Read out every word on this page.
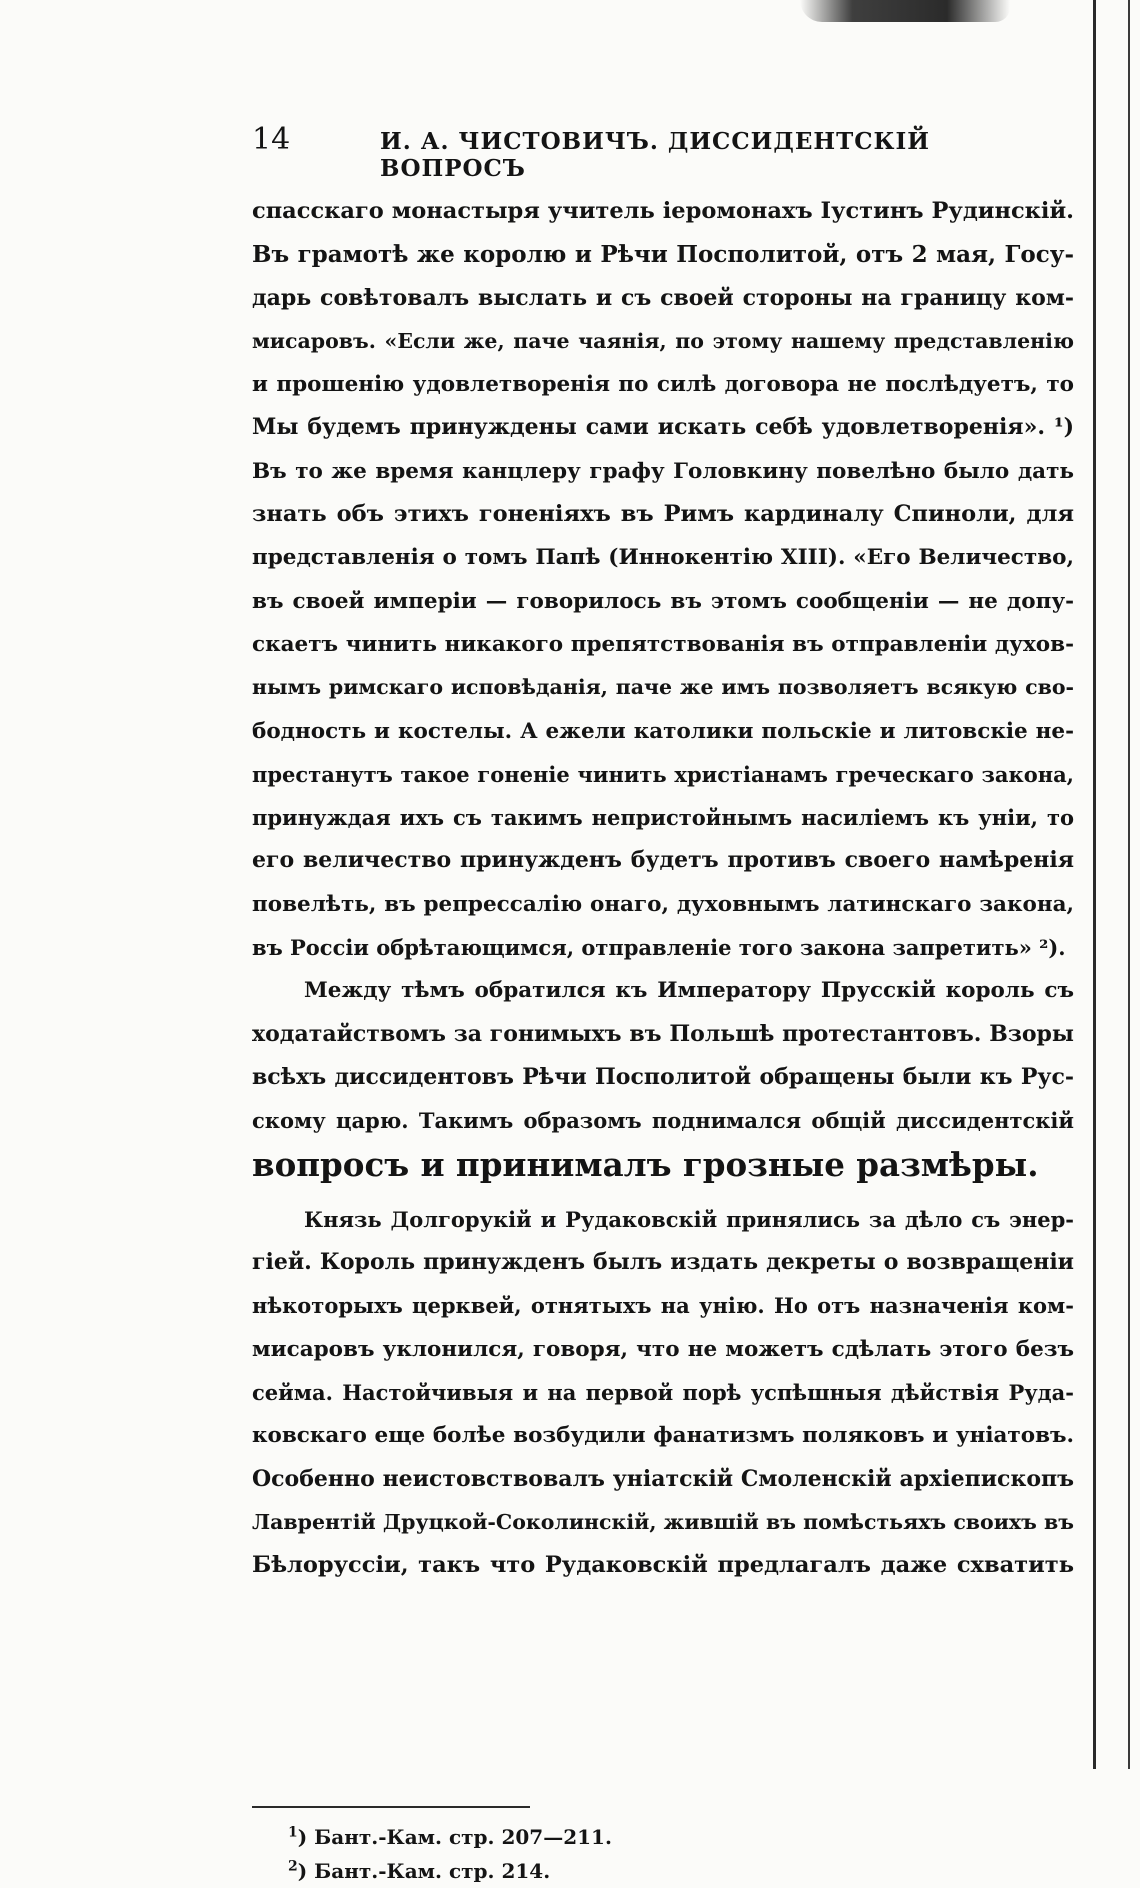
14	И. А. ЧИСТОВИЧЪ. ДИССИДЕНТСКІЙ ВОПРОСЪ
спасскаго монастыря учитель іеромонахъ Іустинъ Рудинскій.
Въ грамотѣ же королю и Рѣчи Посполитой, отъ 2 мая, Госу-
дарь совѣтовалъ выслать и съ своей стороны на границу ком-
мисаровъ. «Если же, паче чаянія, по этому нашему представленію
и прошенію удовлетворенія по силѣ договора не послѣдуетъ, то
Мы будемъ принуждены сами искать себѣ удовлетворенія». ¹)
Въ то же время канцлеру графу Головкину повелѣно было дать
знать объ этихъ гоненіяхъ въ Римъ кардиналу Спиноли, для
представленія о томъ Папѣ (Иннокентію XIII). «Его Величество,
въ своей имперіи — говорилось въ этомъ сообщеніи — не допу-
скаетъ чинить никакого препятствованія въ отправленіи духов-
нымъ римскаго исповѣданія, паче же имъ позволяетъ всякую сво-
бодность и костелы. А ежели католики польскіе и литовскіе не-
престанутъ такое гоненіе чинить христіанамъ греческаго закона,
принуждая ихъ съ такимъ непристойнымъ насиліемъ къ уніи, то
его величество принужденъ будетъ противъ своего намѣренія
повелѣть, въ репрессалію онаго, духовнымъ латинскаго закона,
въ Россіи обрѣтающимся, отправленіе того закона запретить» ²).
Между тѣмъ обратился къ Императору Прусскій король съ
ходатайствомъ за гонимыхъ въ Польшѣ протестантовъ. Взоры
всѣхъ диссидентовъ Рѣчи Посполитой обращены были къ Рус-
скому царю. Такимъ образомъ поднимался общій диссидентскій
вопросъ и принималъ грозные размѣры.
Князь Долгорукій и Рудаковскій принялись за дѣло съ энер-
гіей. Король принужденъ былъ издать декреты о возвращеніи
нѣкоторыхъ церквей, отнятыхъ на унію. Но отъ назначенія ком-
мисаровъ уклонился, говоря, что не можетъ сдѣлать этого безъ
сейма. Настойчивыя и на первой порѣ успѣшныя дѣйствія Руда-
ковскаго еще болѣе возбудили фанатизмъ поляковъ и уніатовъ.
Особенно неистовствовалъ уніатскій Смоленскій архіепископъ
Лаврентій Друцкой-Соколинскій, жившій въ помѣстьяхъ своихъ въ
Бѣлоруссіи, такъ что Рудаковскій предлагалъ даже схватить
$^1$) Бант.-Кам. стр. 207—211.
$^2$) Бант.-Кам. стр. 214.
